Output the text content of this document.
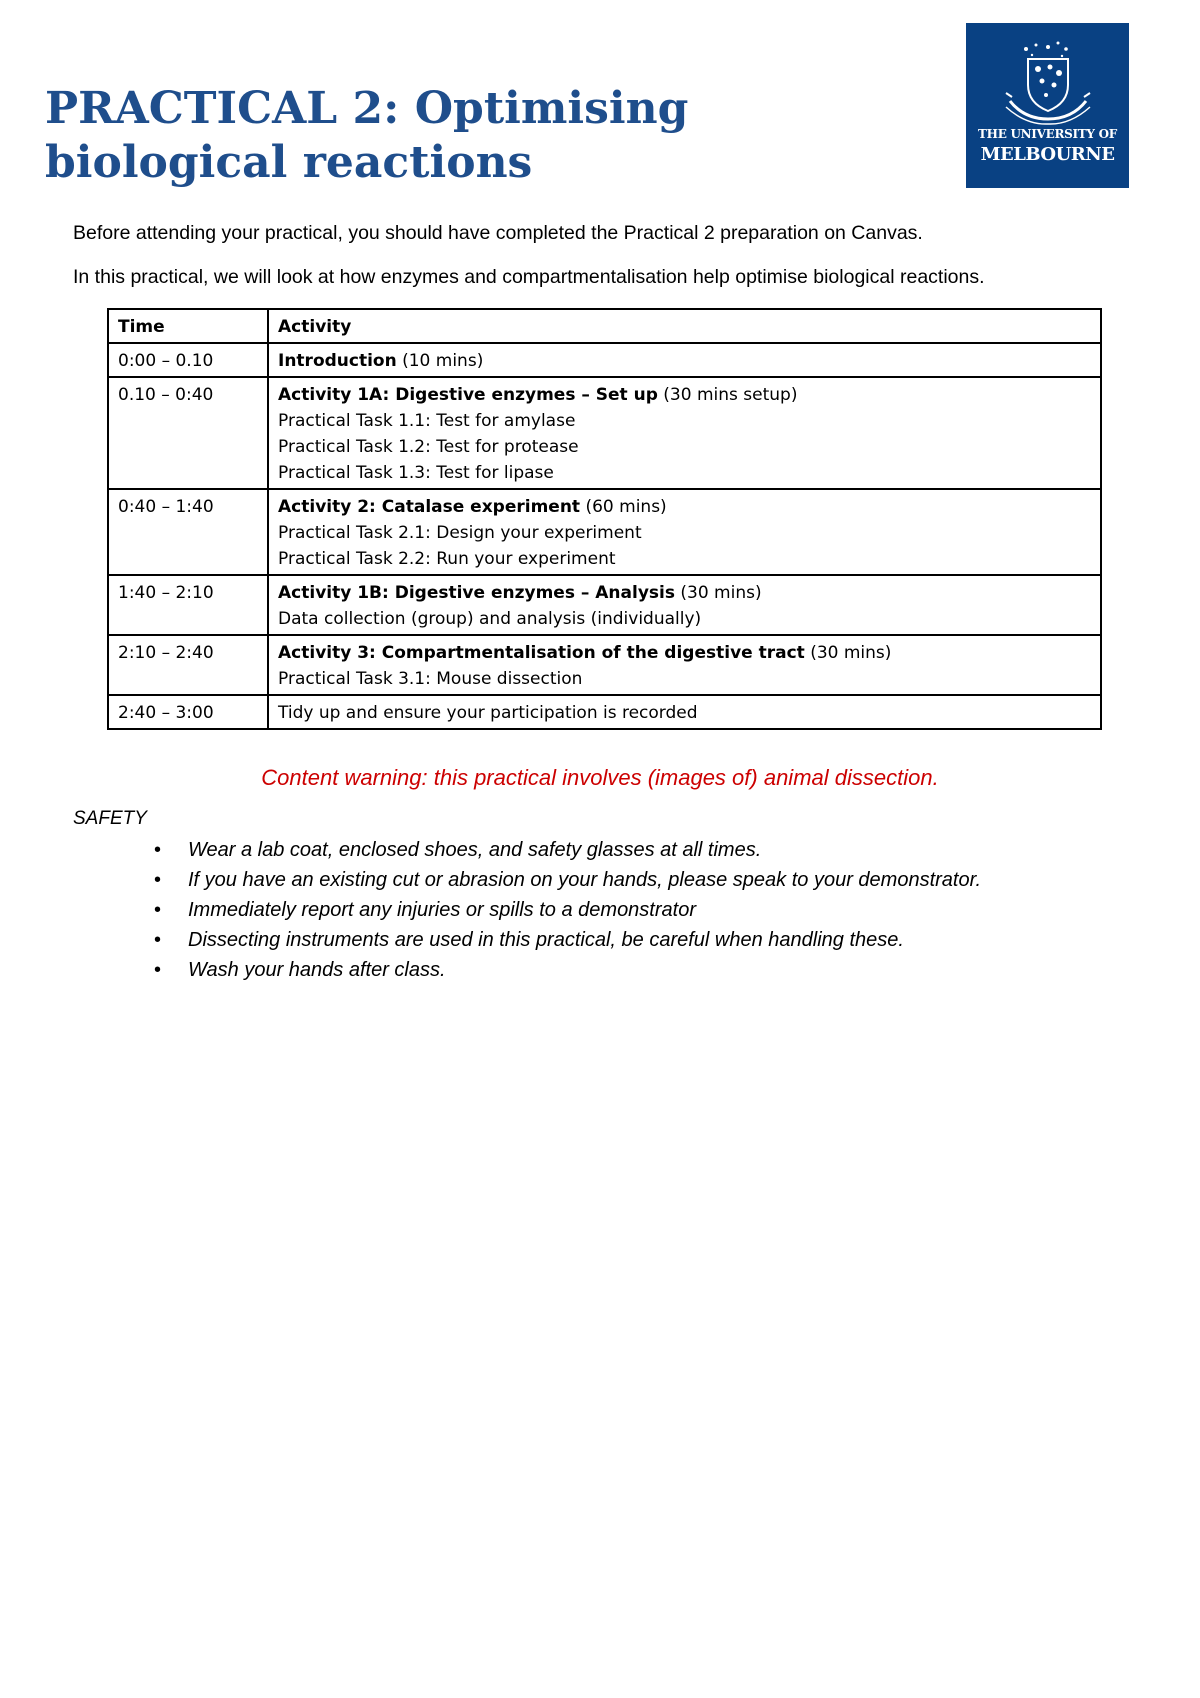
PRACTICAL 2: Optimising biological reactions
THE UNIVERSITY OF
MELBOURNE

Before attending your practical, you should have completed the Practical 2 preparation on Canvas.

In this practical, we will look at how enzymes and compartmentalisation help optimise biological reactions.

Time	Activity
0:00 – 0.10	Introduction (10 mins)

0.10 – 0:40	Activity 1A: Digestive enzymes – Set up (30 mins setup)
Practical Task 1.1: Test for amylase
Practical Task 1.2: Test for protease
Practical Task 1.3: Test for lipase

0:40 – 1:40	Activity 2: Catalase experiment (60 mins)
Practical Task 2.1: Design your experiment
Practical Task 2.2: Run your experiment

1:40 – 2:10	Activity 1B: Digestive enzymes – Analysis (30 mins)
Data collection (group) and analysis (individually)

2:10 – 2:40	Activity 3: Compartmentalisation of the digestive tract (30 mins)
Practical Task 3.1: Mouse dissection

2:40 – 3:00	Tidy up and ensure your participation is recorded

Content warning: this practical involves (images of) animal dissection.

SAFETY

• Wear a lab coat, enclosed shoes, and safety glasses at all times.
• If you have an existing cut or abrasion on your hands, please speak to your demonstrator.
• Immediately report any injuries or spills to a demonstrator
• Dissecting instruments are used in this practical, be careful when handling these.
• Wash your hands after class.
